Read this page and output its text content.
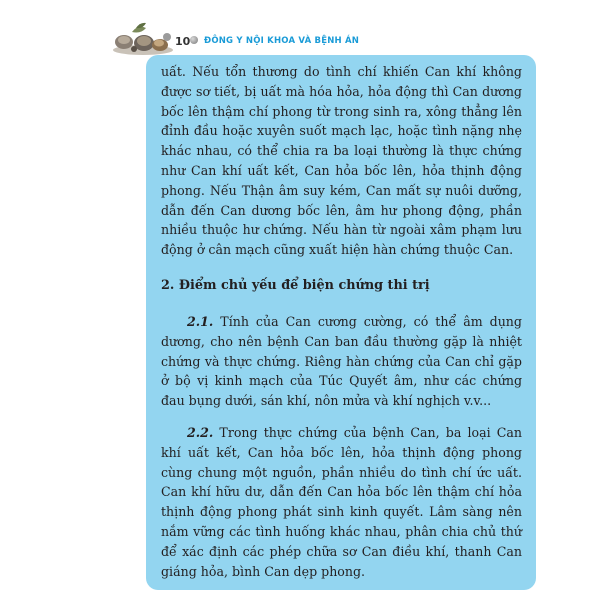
10 ĐÔNG Y NỘI KHOA VÀ BỆNH ÁN

uất. Nếu tổn thương do tình chí khiến Can khí không được sơ tiết, bị uất mà hóa hỏa, hỏa động thì Can dương bốc lên thậm chí phong từ trong sinh ra, xông thẳng lên đỉnh đầu hoặc xuyên suốt mạch lạc, hoặc tình nặng nhẹ khác nhau, có thể chia ra ba loại thường là thực chứng như Can khí uất kết, Can hỏa bốc lên, hỏa thịnh động phong. Nếu Thận âm suy kém, Can mất sự nuôi dưỡng, dẫn đến Can dương bốc lên, âm hư phong động, phần nhiều thuộc hư chứng. Nếu hàn từ ngoài xâm phạm lưu động ở cân mạch cũng xuất hiện hàn chứng thuộc Can.

2. Điểm chủ yếu để biện chứng thi trị

2.1. Tính của Can cương cường, có thể âm dụng dương, cho nên bệnh Can ban đầu thường gặp là nhiệt chứng và thực chứng. Riêng hàn chứng của Can chỉ gặp ở bộ vị kinh mạch của Túc Quyết âm, như các chứng đau bụng dưới, sán khí, nôn mửa và khí nghịch v.v...

2.2. Trong thực chứng của bệnh Can, ba loại Can khí uất kết, Can hỏa bốc lên, hỏa thịnh động phong cùng chung một nguồn, phần nhiều do tình chí ức uất. Can khí hữu dư, dẫn đến Can hỏa bốc lên thậm chí hỏa thịnh động phong phát sinh kinh quyết. Lâm sàng nên nắm vững các tình huống khác nhau, phân chia chủ thứ để xác định các phép chữa sơ Can điều khí, thanh Can giáng hỏa, bình Can dẹp phong.
